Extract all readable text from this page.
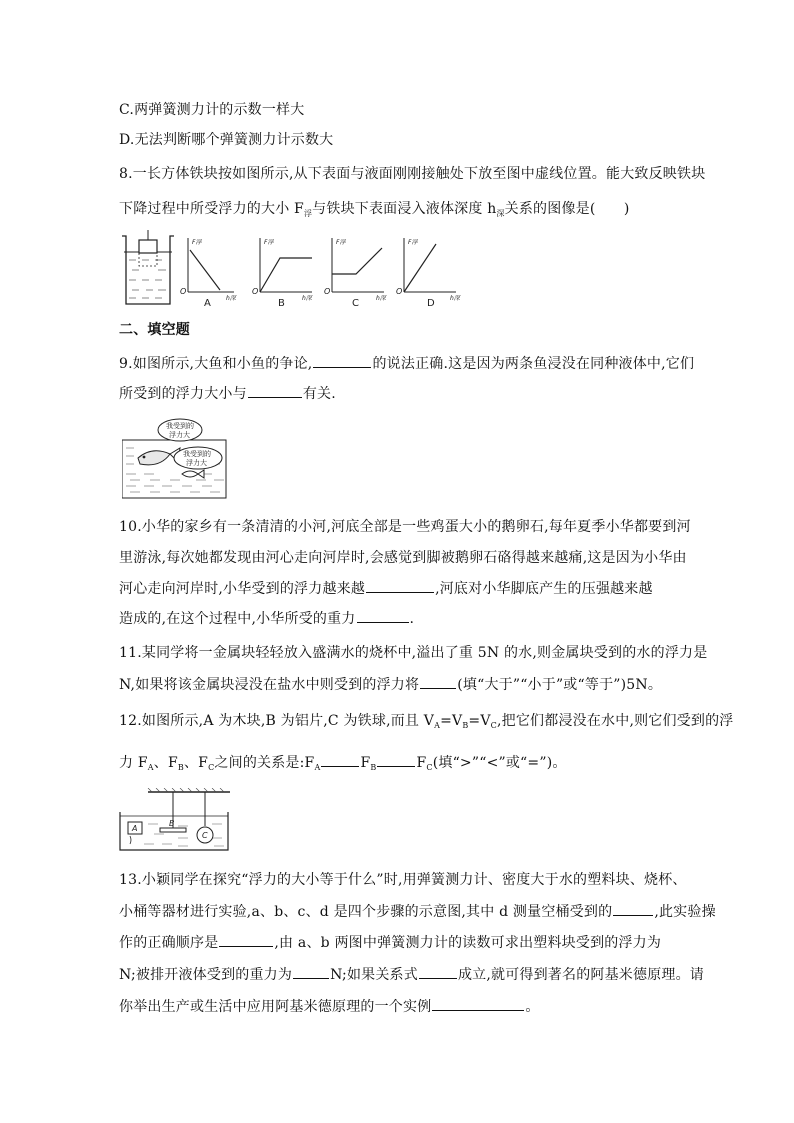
C.两弹簧测力计的示数一样大
D.无法判断哪个弹簧测力计示数大
8.一长方体铁块按如图所示,从下表面与液面刚刚接触处下放至图中虚线位置。能大致反映铁块
下降过程中所受浮力的大小 $F_浮$与铁块下表面浸入液体深度 $h_深$关系的图像是(　　)
F浮	F浮	F浮	F浮
h深	h深	h深	h深
O	O	O	O
A	B	C	D
二、填空题
9.如图所示,大鱼和小鱼的争论,	的说法正确.这是因为两条鱼浸没在同种液体中,它们
所受到的浮力大小与	有关.
我受到的
浮力大
我受到的
浮力大
10.小华的家乡有一条清清的小河,河底全部是一些鸡蛋大小的鹅卵石,每年夏季小华都要到河
里游泳,每次她都发现由河心走向河岸时,会感觉到脚被鹅卵石硌得越来越痛,这是因为小华由
河心走向河岸时,小华受到的浮力越来越	,河底对小华脚底产生的压强越来越
造成的,在这个过程中,小华所受的重力	.
11.某同学将一金属块轻轻放入盛满水的烧杯中,溢出了重 5N 的水,则金属块受到的水的浮力是
N,如果将该金属块浸没在盐水中则受到的浮力将	(填“大于”“小于”或“等于”)5N。
12.如图所示,A 为木块,B 为铝片,C 为铁球,而且 $V_A=V_B=V_C$,把它们都浸没在水中,则它们受到的浮
力 $F_A$、$F_B$、$F_C$之间的关系是$:F_A$	$F_B$	$F_C$(填“>”“<”或“=”)。
A
B
C
13.小颖同学在探究“浮力的大小等于什么”时,用弹簧测力计、密度大于水的塑料块、烧杯、
小桶等器材进行实验,a、b、c、d 是四个步骤的示意图,其中 d 测量空桶受到的	,此实验操
作的正确顺序是	,由 a、b 两图中弹簧测力计的读数可求出塑料块受到的浮力为
N;被排开液体受到的重力为	N;如果关系式	成立,就可得到著名的阿基米德原理。请
你举出生产或生活中应用阿基米德原理的一个实例	。
